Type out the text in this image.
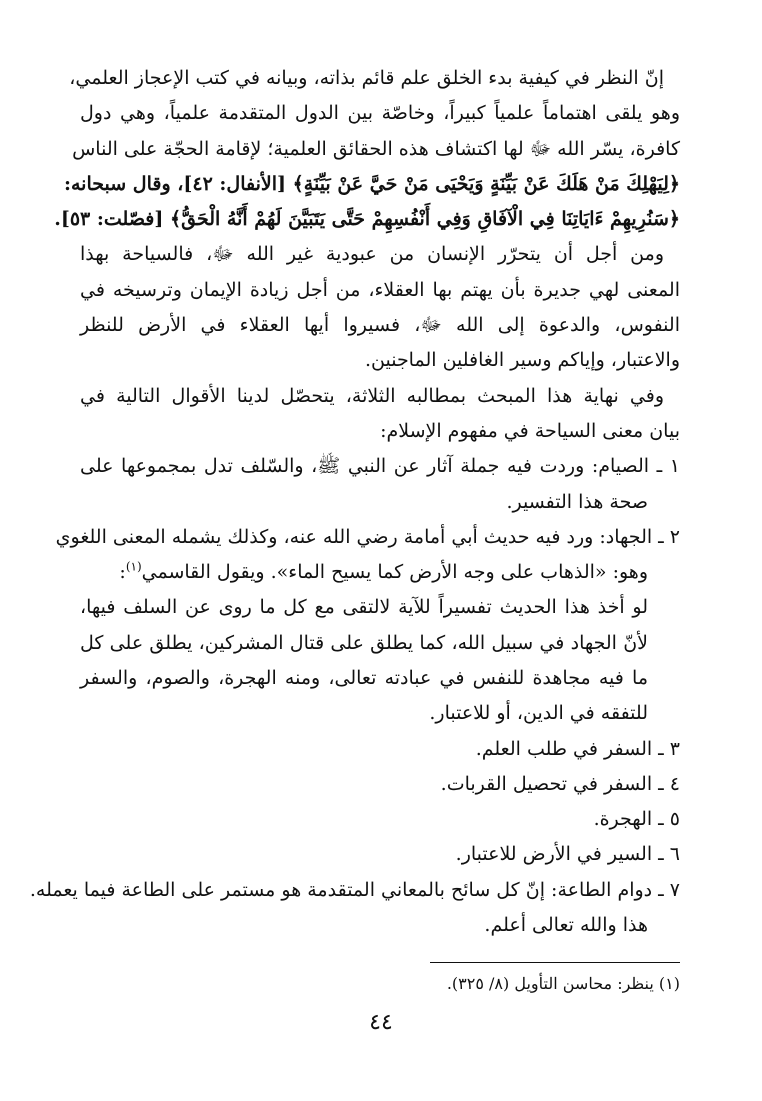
إنّ النظر في كيفية بدء الخلق علم قائم بذاته، وبيانه في كتب الإعجاز العلمي،
وهو يلقى اهتماماً علمياً كبيراً، وخاصّة بين الدول المتقدمة علمياً، وهي دول
كافرة، يسّر الله ﷻ لها اكتشاف هذه الحقائق العلمية؛ لإقامة الحجّة على الناس
﴿لِيَهْلِكَ مَنْ هَلَكَ عَنْ بَيِّنَةٍ وَيَحْيَى مَنْ حَيَّ عَنْ بَيِّنَةٍ﴾ [الأنفال: ٤٢]، وقال سبحانه:
﴿سَنُرِيهِمْ ءَايَاتِنَا فِي الْآفَاقِ وَفِي أَنْفُسِهِمْ حَتَّى يَتَبَيَّنَ لَهُمْ أَنَّهُ الْحَقُّ﴾ [فصّلت: ٥٣].
ومن أجل أن يتحرّر الإنسان من عبودية غير الله ﷻ، فالسياحة بهذا
المعنى لهي جديرة بأن يهتم بها العقلاء، من أجل زيادة الإيمان وترسيخه في
النفوس، والدعوة إلى الله ﷻ، فسيروا أيها العقلاء في الأرض للنظر
والاعتبار، وإياكم وسير الغافلين الماجنين.
وفي نهاية هذا المبحث بمطالبه الثلاثة، يتحصّل لدينا الأقوال التالية في
بيان معنى السياحة في مفهوم الإسلام:
١ ـ الصيام: وردت فيه جملة آثار عن النبي ﷺ، والسّلف تدل بمجموعها على
صحة هذا التفسير.
٢ ـ الجهاد: ورد فيه حديث أبي أمامة رضي الله عنه، وكذلك يشمله المعنى اللغوي
وهو: «الذهاب على وجه الأرض كما يسيح الماء». ويقول القاسمي$^{(١)}$:
لو أخذ هذا الحديث تفسيراً للآية لالتقى مع كل ما روى عن السلف فيها،
لأنّ الجهاد في سبيل الله، كما يطلق على قتال المشركين، يطلق على كل
ما فيه مجاهدة للنفس في عبادته تعالى، ومنه الهجرة، والصوم، والسفر
للتفقه في الدين، أو للاعتبار.
٣ ـ السفر في طلب العلم.
٤ ـ السفر في تحصيل القربات.
(١) ينظر: محاسن التأويل (٨/ ٣٢٥).
٤٤
٥ ـ الهجرة.
٦ ـ السير في الأرض للاعتبار.
٧ ـ دوام الطاعة: إنّ كل سائح بالمعاني المتقدمة هو مستمر على الطاعة فيما يعمله.
هذا والله تعالى أعلم.
